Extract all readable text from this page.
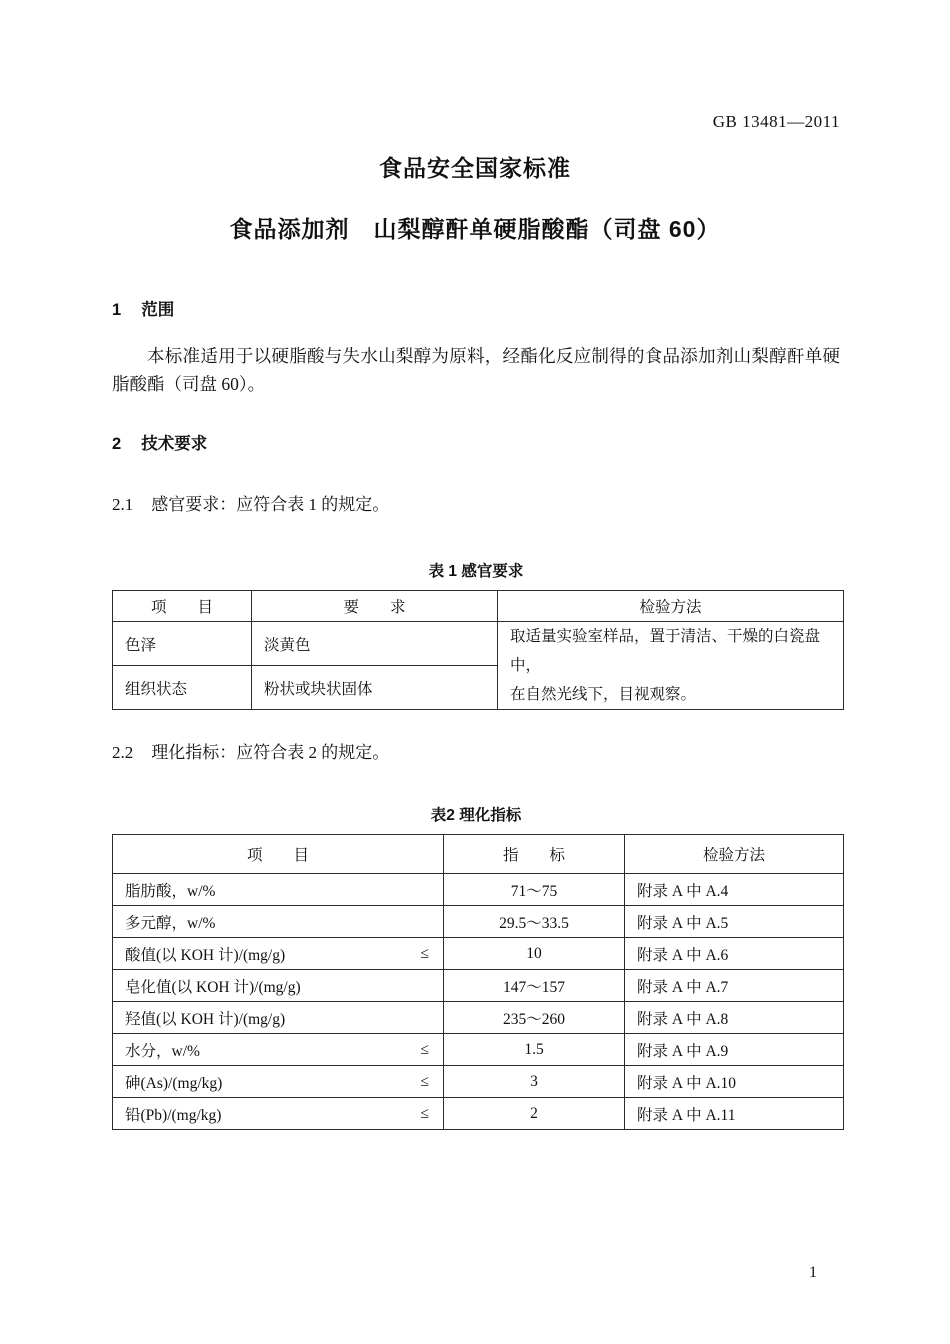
GB 13481—2011
食品安全国家标准
食品添加剂　山梨醇酐单硬脂酸酯（司盘 60）
1 范围
本标准适用于以硬脂酸与失水山梨醇为原料，经酯化反应制得的食品添加剂山梨醇酐单硬脂酸酯（司盘 60）。
2 技术要求
2.1 感官要求：应符合表 1 的规定。
表 1 感官要求
项　　目	要　　求	检验方法
色泽	淡黄色	取适量实验室样品，置于清洁、干燥的白瓷盘中，
在自然光线下，目视观察。

组织状态	粉状或块状固体	
2.2 理化指标：应符合表 2 的规定。
表2 理化指标
项　　目	指　　标	检验方法

脂肪酸，w/%	71～75	附录 A 中 A.4

多元醇，w/%	29.5～33.5	附录 A 中 A.5

酸值(以 KOH 计)/(mg/g) ≤	10	附录 A 中 A.6

皂化值(以 KOH 计)/(mg/g)	147～157	附录 A 中 A.7

羟值(以 KOH 计)/(mg/g)	235～260	附录 A 中 A.8

水分，w/% ≤	1.5	附录 A 中 A.9

砷(As)/(mg/kg) ≤	3	附录 A 中 A.10

铅(Pb)/(mg/kg) ≤	2	附录 A 中 A.11
1
